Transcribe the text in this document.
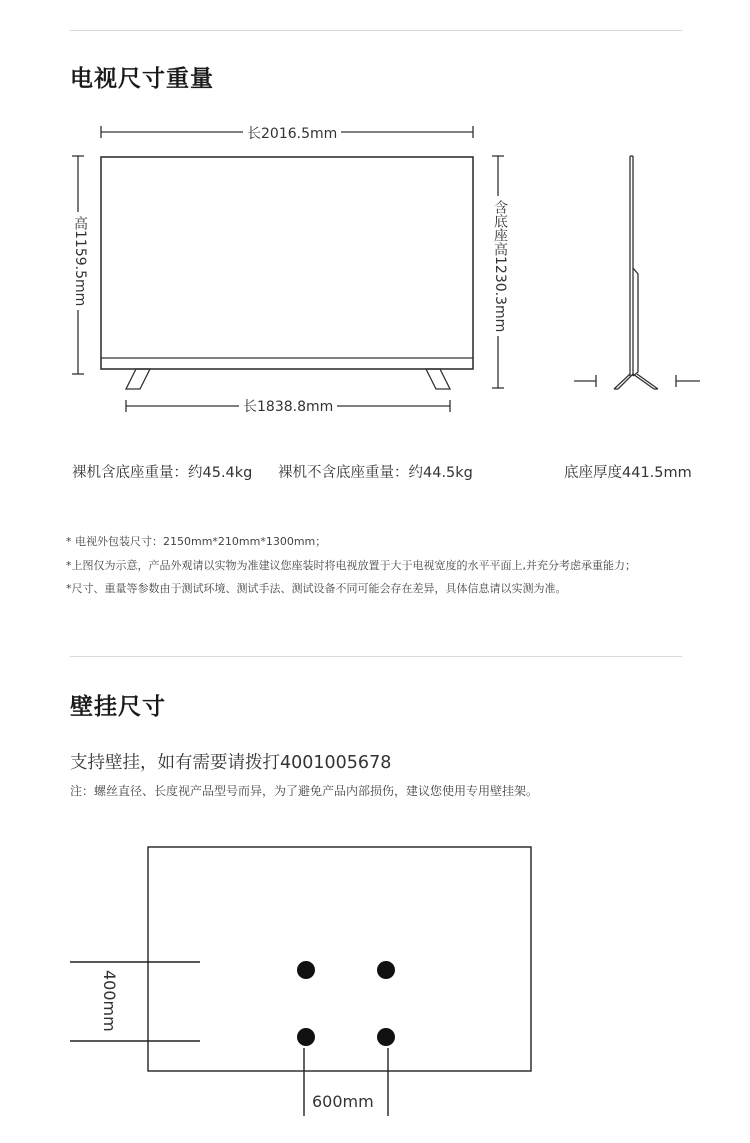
电视尺寸重量
长2016.5mm
高1159.5mm	含底座高1230.3mm
长1838.8mm
裸机含底座重量：约45.4kg 裸机不含底座重量：约44.5kg	底座厚度441.5mm
* 电视外包装尺寸：2150mm*210mm*1300mm；
*上图仅为示意，产品外观请以实物为准建议您座装时将电视放置于大于电视宽度的水平平面上,并充分考虑承重能力；
*尺寸、重量等参数由于测试环境、测试手法、测试设备不同可能会存在差异，具体信息请以实测为准。
壁挂尺寸
支持壁挂，如有需要请拨打4001005678
注：螺丝直径、长度视产品型号而异，为了避免产品内部损伤，建议您使用专用壁挂架。
400mm
600mm
